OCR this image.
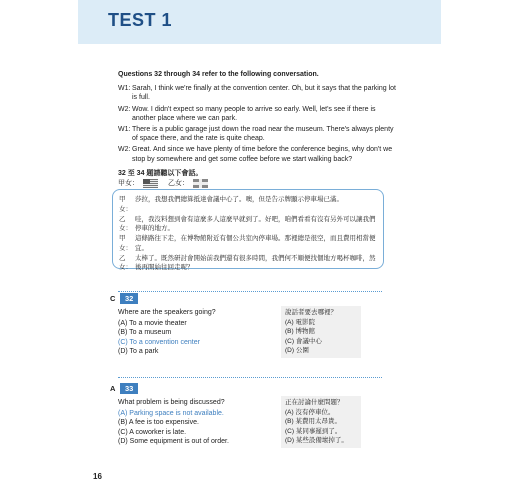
TEST 1
Questions 32 through 34 refer to the following conversation.
W1: Sarah, I think we're finally at the convention center. Oh, but it says that the parking lot is full.
W2: Wow. I didn't expect so many people to arrive so early. Well, let's see if there is another place where we can park.
W1: There is a public garage just down the road near the museum. There's always plenty of space there, and the rate is quite cheap.
W2: Great. And since we have plenty of time before the conference begins, why don't we stop by somewhere and get some coffee before we start walking back?
32 至 34 題請聽以下會話。
甲女：	乙女：
甲女：
莎拉，我想我們總算抵達會議中心了。噢，但是告示牌顯示停車場已滿。
乙女：
哇，我沒料想到會有這麼多人這麼早就到了。好吧，咱們看看有沒有另外可以讓我們停車的地方。
甲女：
這條路往下走，在博物館附近有個公共室內停車場。那裡總是很空，而且費用相當便宜。
乙女：
太棒了。既然研討會開始前我們還有很多時間，我們何不順便找個地方喝杯咖啡，然後再開始往回走呢？
C	32
Where are the speakers going?
(A) To a movie theater
(B) To a museum
(C) To a convention center
(D) To a park
說話者要去哪裡？
(A) 電影院
(B) 博物館
(C) 會議中心
(D) 公園
A	33
What problem is being discussed?
(A) Parking space is not available.
(B) A fee is too expensive.
(C) A coworker is late.
(D) Some equipment is out of order.
正在討論什麼問題？
(A) 沒有停車位。
(B) 某費用太昂貴。
(C) 某同事遲到了。
(D) 某些設備壞掉了。
16
